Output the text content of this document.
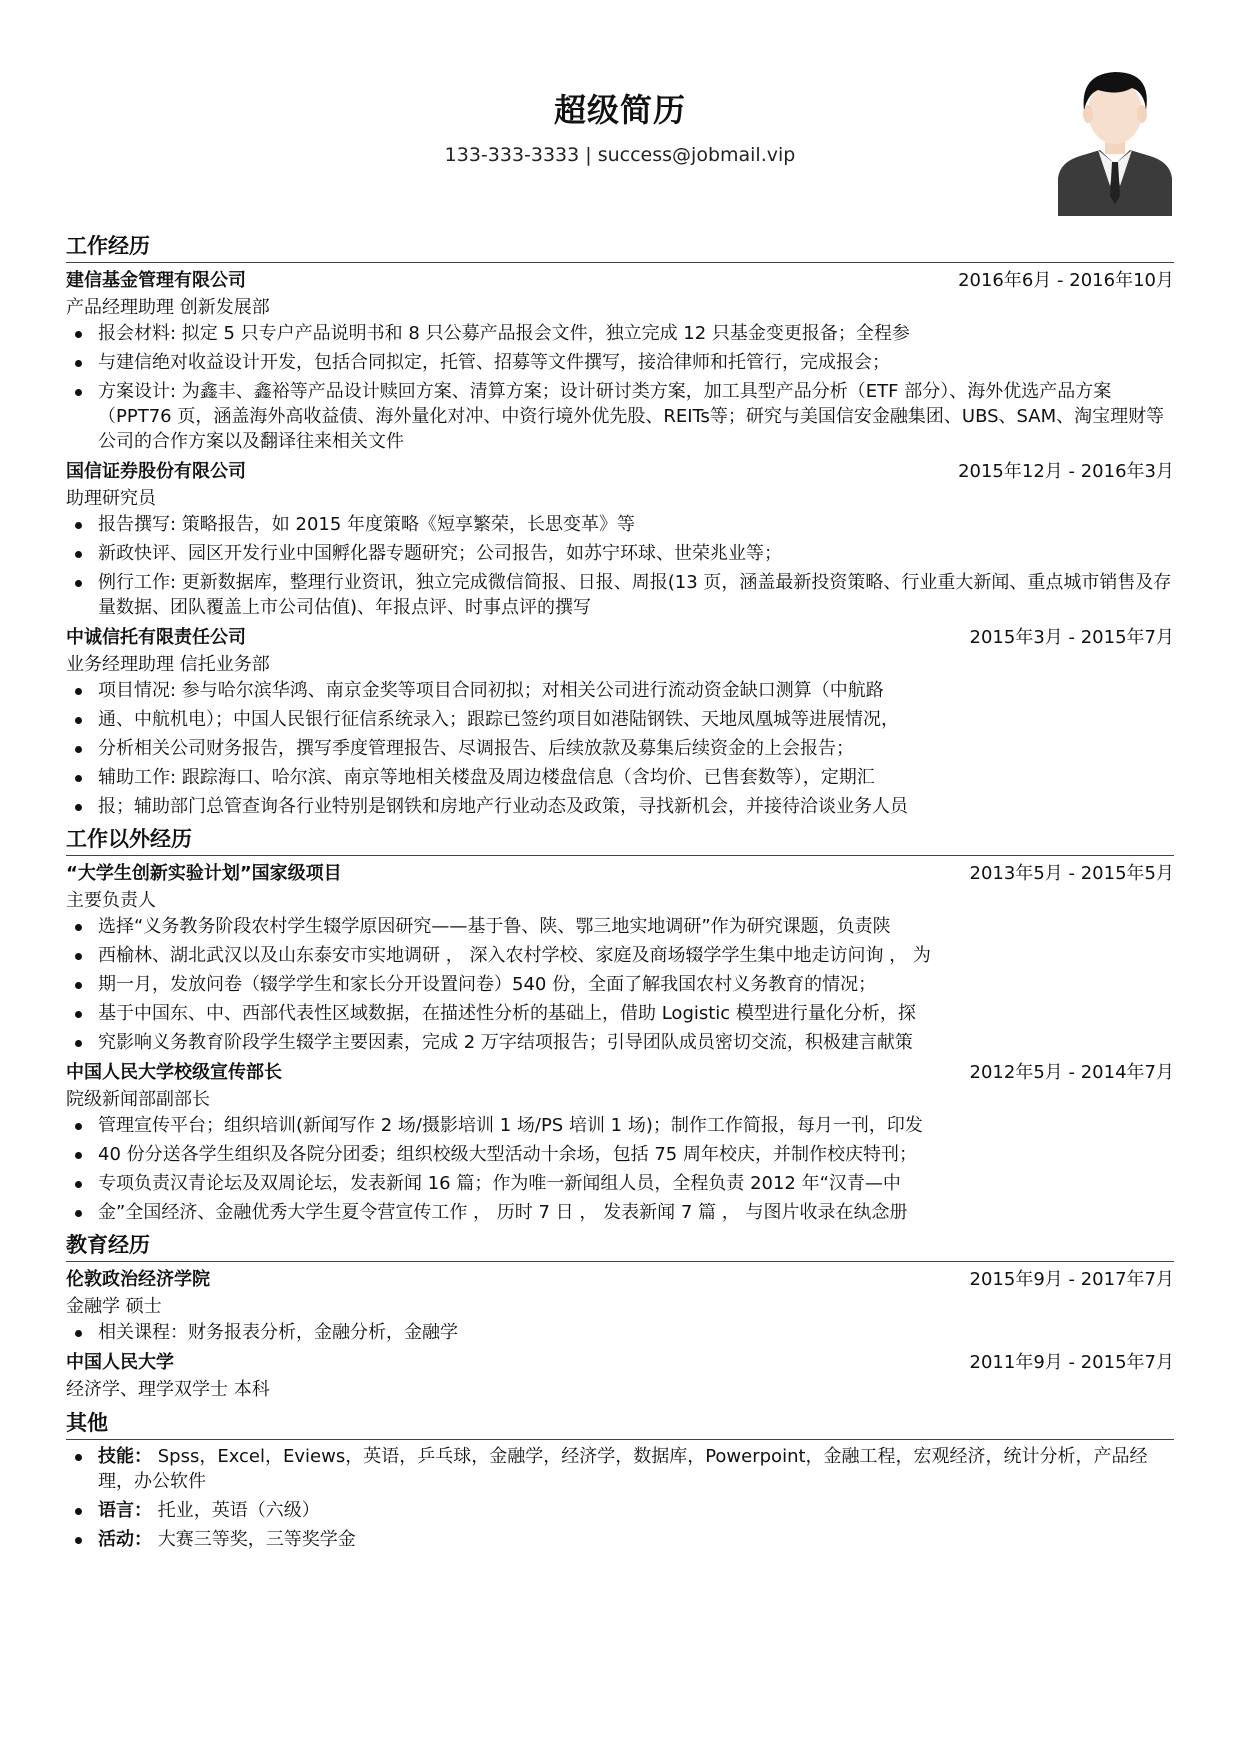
超级简历
133-333-3333 | success@jobmail.vip
工作经历
建信基金管理有限公司	2016年6月 - 2016年10月
产品经理助理 创新发展部
报会材料: 拟定 5 只专户产品说明书和 8 只公募产品报会文件，独立完成 12 只基金变更报备；全程参
与建信绝对收益设计开发，包括合同拟定，托管、招募等文件撰写，接洽律师和托管行，完成报会；
方案设计: 为鑫丰、鑫裕等产品设计赎回方案、清算方案；设计研讨类方案，加工具型产品分析（ETF 部分）、海外优选产品方案（PPT76 页，涵盖海外高收益债、海外量化对冲、中资行境外优先股、REITs等；研究与美国信安金融集团、UBS、SAM、淘宝理财等公司的合作方案以及翻译往来相关文件
国信证券股份有限公司	2015年12月 - 2016年3月
助理研究员
报告撰写: 策略报告，如 2015 年度策略《短享繁荣，长思变革》等
新政快评、园区开发行业中国孵化器专题研究；公司报告，如苏宁环球、世荣兆业等；
例行工作: 更新数据库，整理行业资讯，独立完成微信简报、日报、周报(13 页，涵盖最新投资策略、行业重大新闻、重点城市销售及存量数据、团队覆盖上市公司估值)、年报点评、时事点评的撰写
中诚信托有限责任公司	2015年3月 - 2015年7月
业务经理助理 信托业务部
项目情况: 参与哈尔滨华鸿、南京金奖等项目合同初拟；对相关公司进行流动资金缺口测算（中航路
通、中航机电）；中国人民银行征信系统录入；跟踪已签约项目如港陆钢铁、天地凤凰城等进展情况，
分析相关公司财务报告，撰写季度管理报告、尽调报告、后续放款及募集后续资金的上会报告；
辅助工作: 跟踪海口、哈尔滨、南京等地相关楼盘及周边楼盘信息（含均价、已售套数等），定期汇
报；辅助部门总管查询各行业特别是钢铁和房地产行业动态及政策，寻找新机会，并接待洽谈业务人员
工作以外经历
“大学生创新实验计划”国家级项目	2013年5月 - 2015年5月
主要负责人
选择“义务教务阶段农村学生辍学原因研究——基于鲁、陕、鄂三地实地调研”作为研究课题，负责陕
西榆林、湖北武汉以及山东泰安市实地调研 ， 深入农村学校、家庭及商场辍学学生集中地走访问询 ， 为
期一月，发放问卷（辍学学生和家长分开设置问卷）540 份，全面了解我国农村义务教育的情况；
基于中国东、中、西部代表性区域数据，在描述性分析的基础上，借助 Logistic 模型进行量化分析，探
究影响义务教育阶段学生辍学主要因素，完成 2 万字结项报告；引导团队成员密切交流，积极建言献策
中国人民大学校级宣传部长	2012年5月 - 2014年7月
院级新闻部副部长
管理宣传平台；组织培训(新闻写作 2 场/摄影培训 1 场/PS 培训 1 场)；制作工作简报，每月一刊，印发
40 份分送各学生组织及各院分团委；组织校级大型活动十余场，包括 75 周年校庆，并制作校庆特刊；
专项负责汉青论坛及双周论坛，发表新闻 16 篇；作为唯一新闻组人员，全程负责 2012 年“汉青—中
金”全国经济、金融优秀大学生夏令营宣传工作 ， 历时 7 日 ， 发表新闻 7 篇 ， 与图片收录在纨念册
教育经历
伦敦政治经济学院	2015年9月 - 2017年7月
金融学 硕士
相关课程：财务报表分析，金融分析，金融学
中国人民大学	2011年9月 - 2015年7月
经济学、理学双学士 本科
其他
技能： Spss，Excel，Eviews，英语，乒乓球，金融学，经济学，数据库，Powerpoint，金融工程，宏观经济，统计分析，产品经理，办公软件
语言： 托业，英语（六级）
活动： 大赛三等奖，三等奖学金
